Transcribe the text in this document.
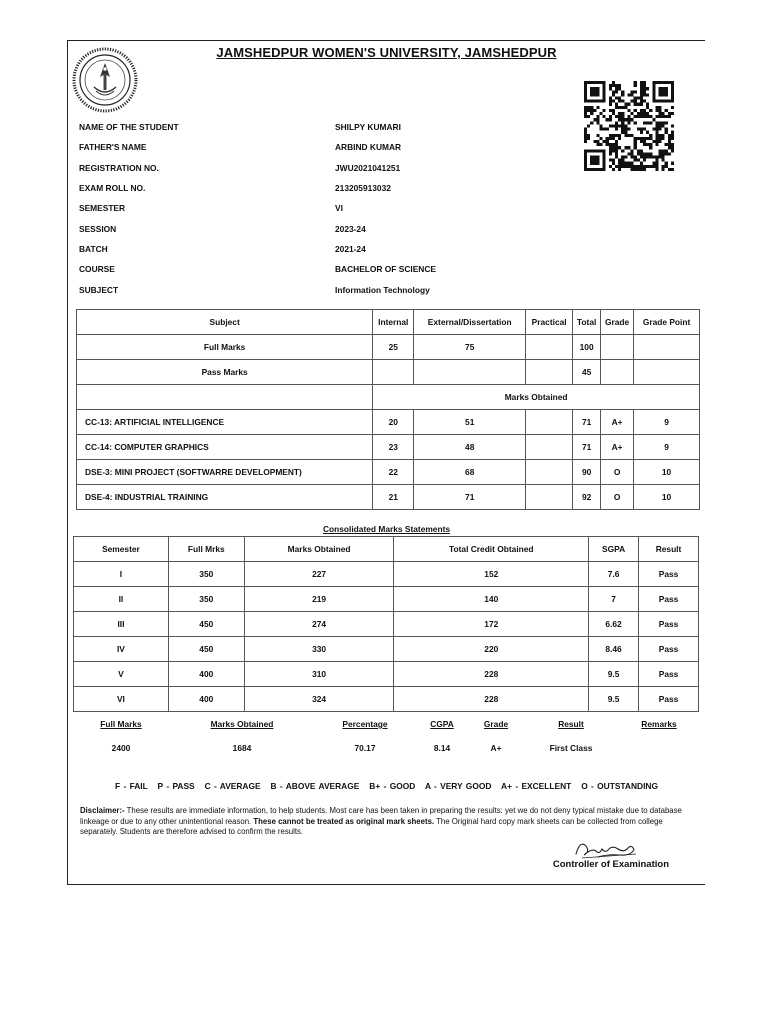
JAMSHEDPUR WOMEN'S UNIVERSITY, JAMSHEDPUR
NAME OF THE STUDENT	SHILPY KUMARI
FATHER'S NAME	ARBIND KUMAR
REGISTRATION NO.	JWU2021041251
EXAM ROLL NO.	213205913032
SEMESTER	VI
SESSION	2023-24
BATCH	2021-24
COURSE	BACHELOR OF SCIENCE
SUBJECT	Information Technology
Subject	Internal	External/Dissertation	Practical	Total	Grade	Grade Point
Full Marks	25	75		100		
Pass Marks				45		
	Marks Obtained					
CC-13: ARTIFICIAL INTELLIGENCE	20	51		71	A+	9
CC-14: COMPUTER GRAPHICS	23	48		71	A+	9
DSE-3: MINI PROJECT (SOFTWARRE DEVELOPMENT)	22	68		90	O	10
DSE-4: INDUSTRIAL TRAINING	21	71		92	O	10
Consolidated Marks Statements
Semester	Full Mrks	Marks Obtained	Total Credit Obtained	SGPA	Result
I	350	227	152	7.6	Pass
II	350	219	140	7	Pass
III	450	274	172	6.62	Pass
IV	450	330	220	8.46	Pass
V	400	310	228	9.5	Pass
VI	400	324	228	9.5	Pass
Full Marks	Marks Obtained	Percentage	CGPA	Grade	Result	Remarks
2400	1684	70.17	8.14	A+	First Class
F - FAIL   P - PASS   C - AVERAGE   B - ABOVE AVERAGE   B+ - GOOD   A - VERY GOOD   A+ - EXCELLENT   O - OUTSTANDING
Disclaimer:- These results are immediate information, to help students. Most care has been taken in preparing the results: yet we do not deny typical mistake due to database linkeage or due to any other unintentional reason. These cannot be treated as original mark sheets. The Original hard copy mark sheets can be collected from college separately. Students are therefore advised to confirm the results.
Controller of Examination
